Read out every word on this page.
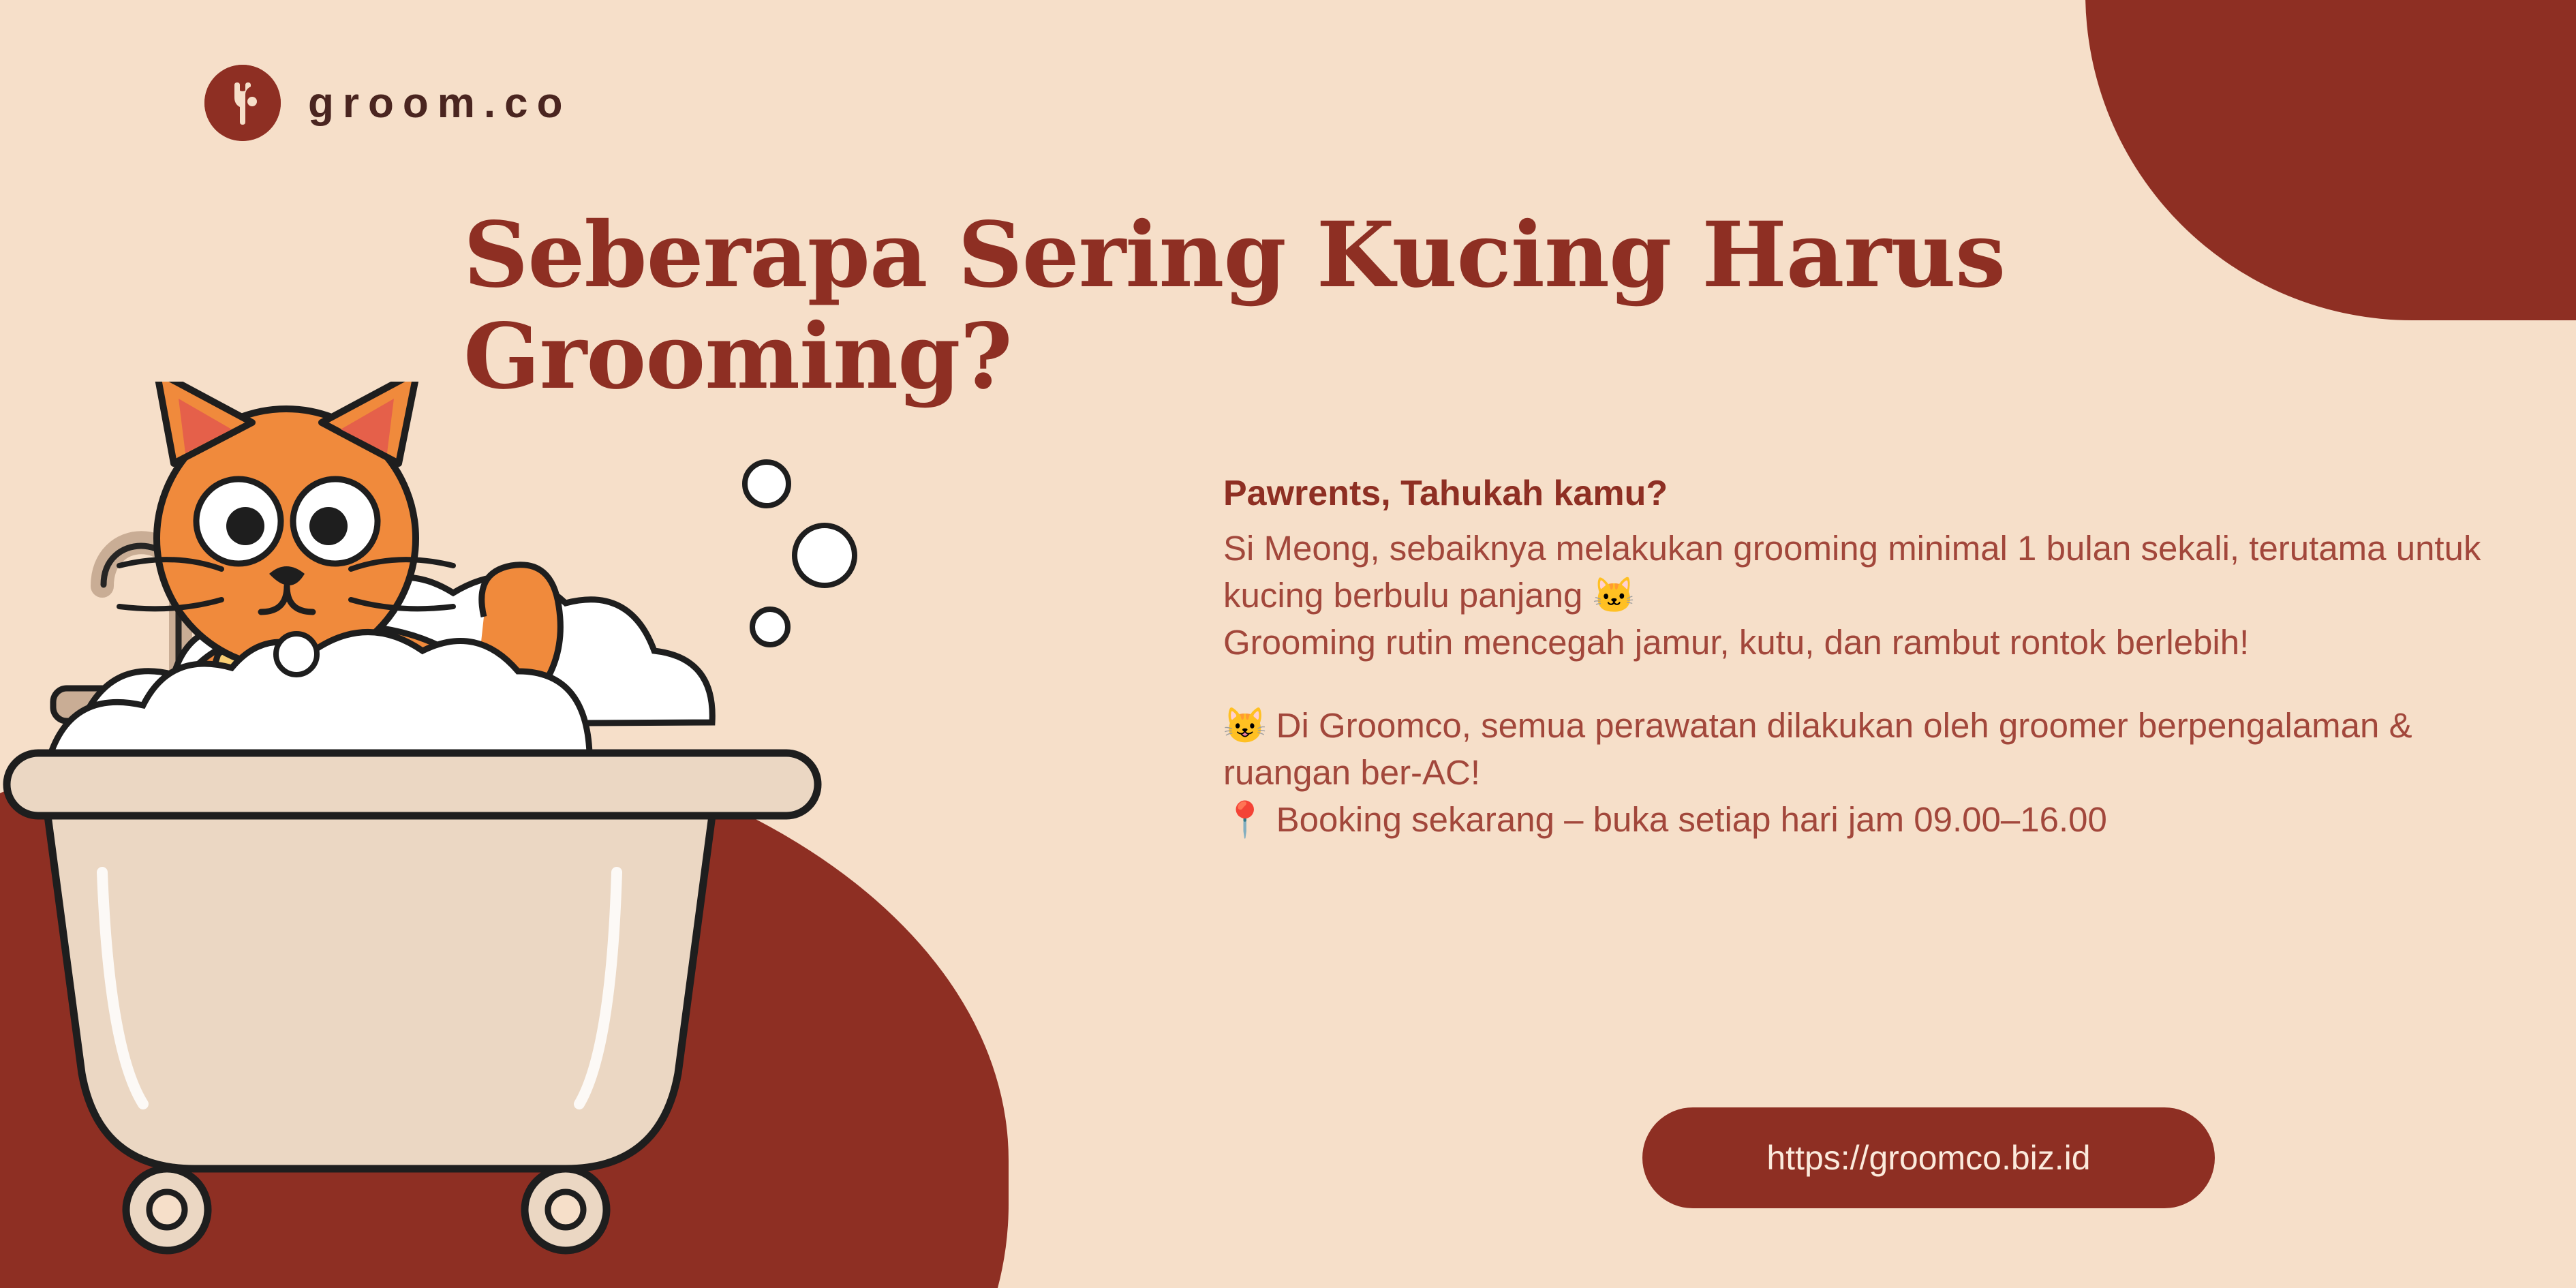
groom.co
Seberapa Sering Kucing Harus Grooming?
Pawrents, Tahukah kamu?

Si Meong, sebaiknya melakukan grooming minimal 1 bulan sekali, terutama untuk kucing berbulu panjang 🐱

Grooming rutin mencegah jamur, kutu, dan rambut rontok berlebih!

😺 Di Groomco, semua perawatan dilakukan oleh groomer berpengalaman & ruangan ber-AC!

📍 Booking sekarang – buka setiap hari jam 09.00–16.00

https://groomco.biz.id
